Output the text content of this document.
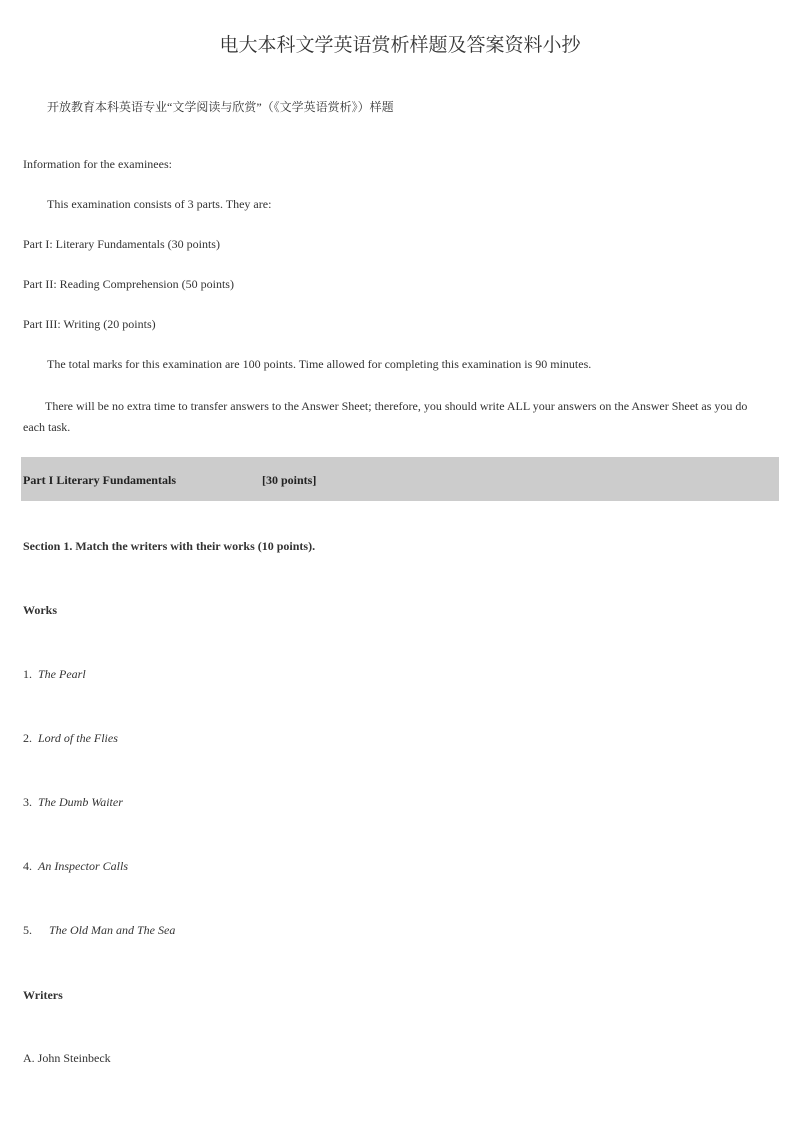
电大本科文学英语赏析样题及答案资料小抄
开放教育本科英语专业“文学阅读与欣赏”（《文学英语赏析》）样题
Information for the examinees:
This examination consists of 3 parts. They are:
Part I: Literary Fundamentals (30 points)
Part II: Reading Comprehension (50 points)
Part III: Writing (20 points)
The total marks for this examination are 100 points. Time allowed for completing this examination is 90 minutes.
There will be no extra time to transfer answers to the Answer Sheet; therefore, you should write ALL your answers on the Answer Sheet as you do each task.
Part I Literary Fundamentals	[30 points]
Section 1. Match the writers with their works (10 points).
Works
1. The Pearl
2. Lord of the Flies
3. The Dumb Waiter
4. An Inspector Calls
5. The Old Man and The Sea
Writers
A. John Steinbeck
